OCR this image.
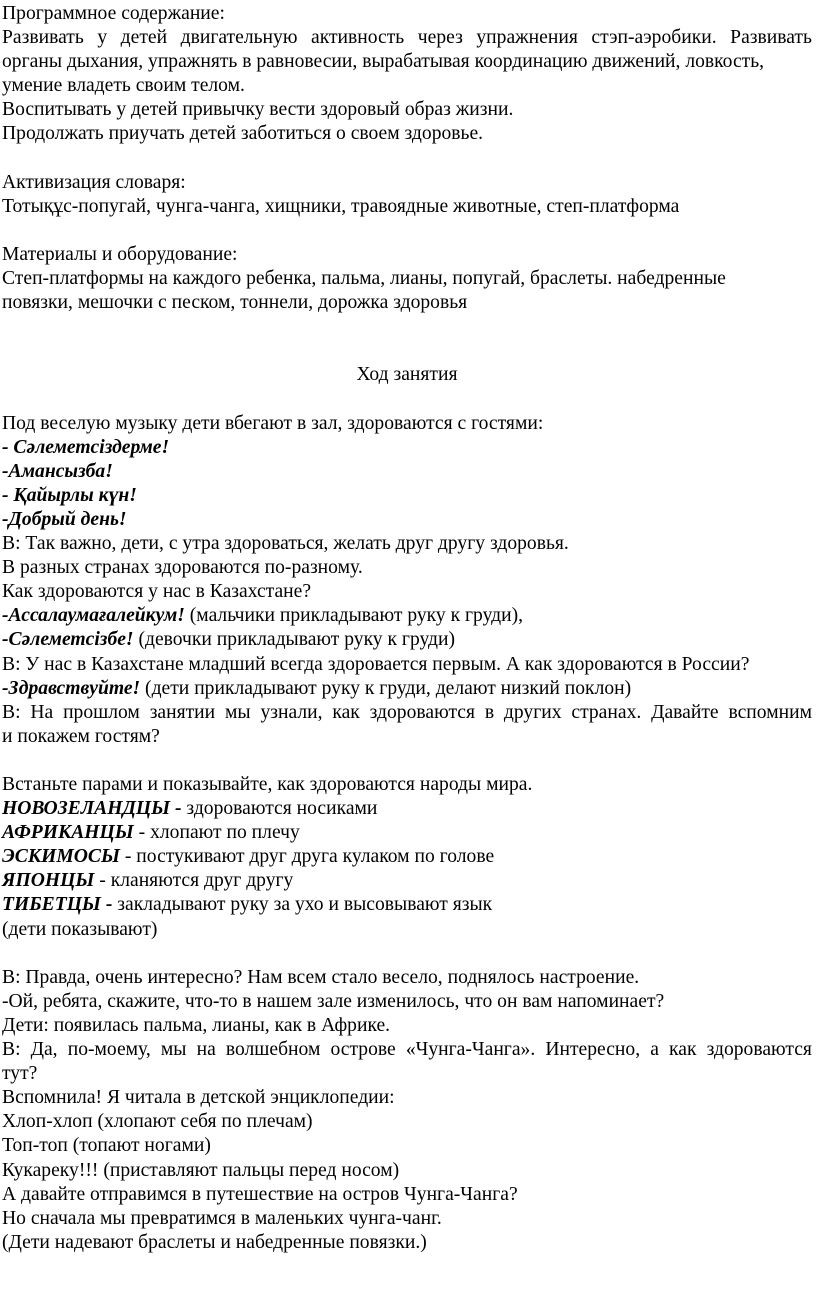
Программное содержание:
Развивать у детей двигательную активность через упражнения стэп-аэробики. Развивать
органы дыхания, упражнять в равновесии, вырабатывая координацию движений, ловкость,
умение владеть своим телом.
Воспитывать у детей привычку вести здоровый образ жизни.
Продолжать приучать детей заботиться о своем здоровье.
Активизация словаря:
Тотықұс-попугай, чунга-чанга, хищники, травоядные животные, степ-платформа
Материалы и оборудование:
Степ-платформы на каждого ребенка, пальма, лианы, попугай, браслеты. набедренные
повязки, мешочки с песком, тоннели, дорожка здоровья
Ход занятия
Под веселую музыку дети вбегают в зал, здороваются с гостями:
- Сәлеметсіздерме!
-Амансызба!
- Қайырлы күн!
-Добрый день!
В: Так важно, дети, с утра здороваться, желать друг другу здоровья.
В разных странах здороваются по-разному.
Как здороваются у нас в Казахстане?
-Ассалаумағалейкум! (мальчики прикладывают руку к груди),
-Сәлеметсізбе! (девочки прикладывают руку к груди)
В: У нас в Казахстане младший всегда здоровается первым. А как здороваются в России?
-Здравствуйте! (дети прикладывают руку к груди, делают низкий поклон)
В: На прошлом занятии мы узнали, как здороваются в других странах. Давайте вспомним
и покажем гостям?
Встаньте парами и показывайте, как здороваются народы мира.
НОВОЗЕЛАНДЦЫ - здороваются носиками
АФРИКАНЦЫ - хлопают по плечу
ЭСКИМОСЫ - постукивают друг друга кулаком по голове
ЯПОНЦЫ - кланяются друг другу
ТИБЕТЦЫ - закладывают руку за ухо и высовывают язык
(дети показывают)
В: Правда, очень интересно? Нам всем стало весело, поднялось настроение.
-Ой, ребята, скажите, что-то в нашем зале изменилось, что он вам напоминает?
Дети: появилась пальма, лианы, как в Африке.
В: Да, по-моему, мы на волшебном острове «Чунга-Чанга». Интересно, а как здороваются
тут?
Вспомнила! Я читала в детской энциклопедии:
Хлоп-хлоп (хлопают себя по плечам)
Топ-топ (топают ногами)
Кукареку!!! (приставляют пальцы перед носом)
А давайте отправимся в путешествие на остров Чунга-Чанга?
Но сначала мы превратимся в маленьких чунга-чанг.
(Дети надевают браслеты и набедренные повязки.)
